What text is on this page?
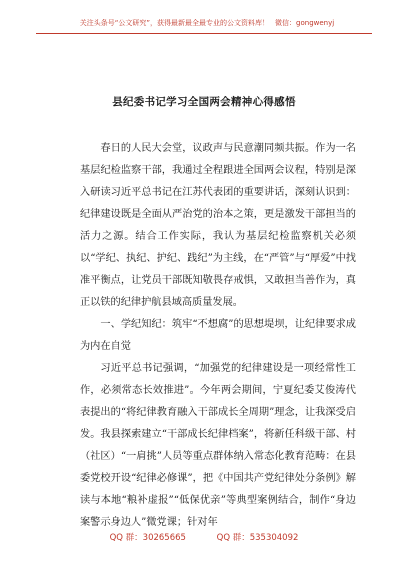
关注头条号“公文研究”，获得最新最全最专业的公文资料库！ 微信：gongwenyj
县纪委书记学习全国两会精神心得感悟

春日的人民大会堂，议政声与民意潮同频共振。作为一名基层纪检监察干部，我通过全程跟进全国两会议程，特别是深入研读习近平总书记在江苏代表团的重要讲话，深刻认识到：纪律建设既是全面从严治党的治本之策，更是激发干部担当的活力之源。结合工作实际，我认为基层纪检监察机关必须以“学纪、执纪、护纪、践纪”为主线，在“严管”与“厚爱”中找准平衡点，让党员干部既知敬畏存戒惧，又敢担当善作为，真正以铁的纪律护航县域高质量发展。

一、学纪知纪：筑牢“不想腐”的思想堤坝，让纪律要求成为内在自觉

习近平总书记强调，“加强党的纪律建设是一项经常性工作，必须常态长效推进”。今年两会期间，宁夏纪委艾俊涛代表提出的“将纪律教育融入干部成长全周期”理念，让我深受启发。我县探索建立“干部成长纪律档案”，将新任科级干部、村（社区）“一肩挑”人员等重点群体纳入常态化教育范畴：在县委党校开设“纪律必修课”，把《中国共产党纪律处分条例》解读与本地“粮补虚报”“低保优亲”等典型案例结合，制作“身边案警示身边人”微党课；针对年

QQ 群：30265665	QQ 群：535304092
